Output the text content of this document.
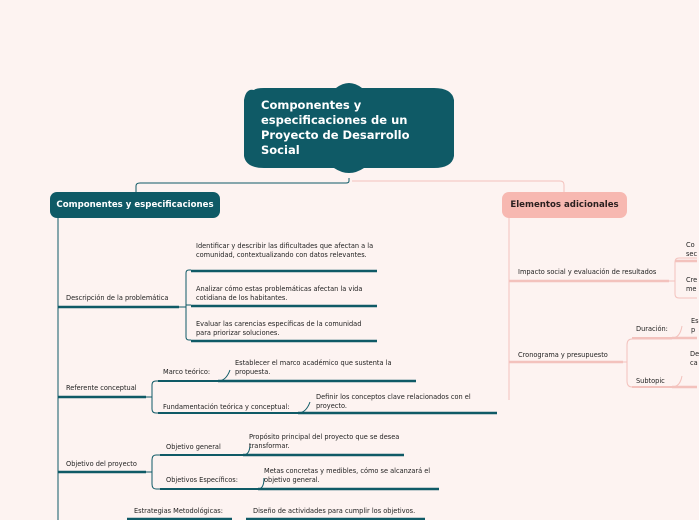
Componentes y especificaciones de un Proyecto de Desarrollo Social
Componentes y especificaciones	Elementos adicionales
Descripción de la problemática
Identificar y describir las dificultades que afectan a la comunidad, contextualizando con datos relevantes.
Analizar cómo estas problemáticas afectan la vida cotidiana de los habitantes.
Evaluar las carencias específicas de la comunidad para priorizar soluciones.
Referente conceptual
Marco teórico:
Establecer el marco académico que sustenta la propuesta.
Fundamentación teórica y conceptual:
Definir los conceptos clave relacionados con el proyecto.
Objetivo del proyecto
Objetivo general
Propósito principal del proyecto que se desea transformar.
Objetivos Específicos:
Metas concretas y medibles, cómo se alcanzará el objetivo general.
Estrategias Metodológicas:	Diseño de actividades para cumplir los objetivos.
Impacto social y evaluación de resultados
Co sec
Cre me
Cronograma y presupuesto
Duración:
Es p
Subtopic
De ca
